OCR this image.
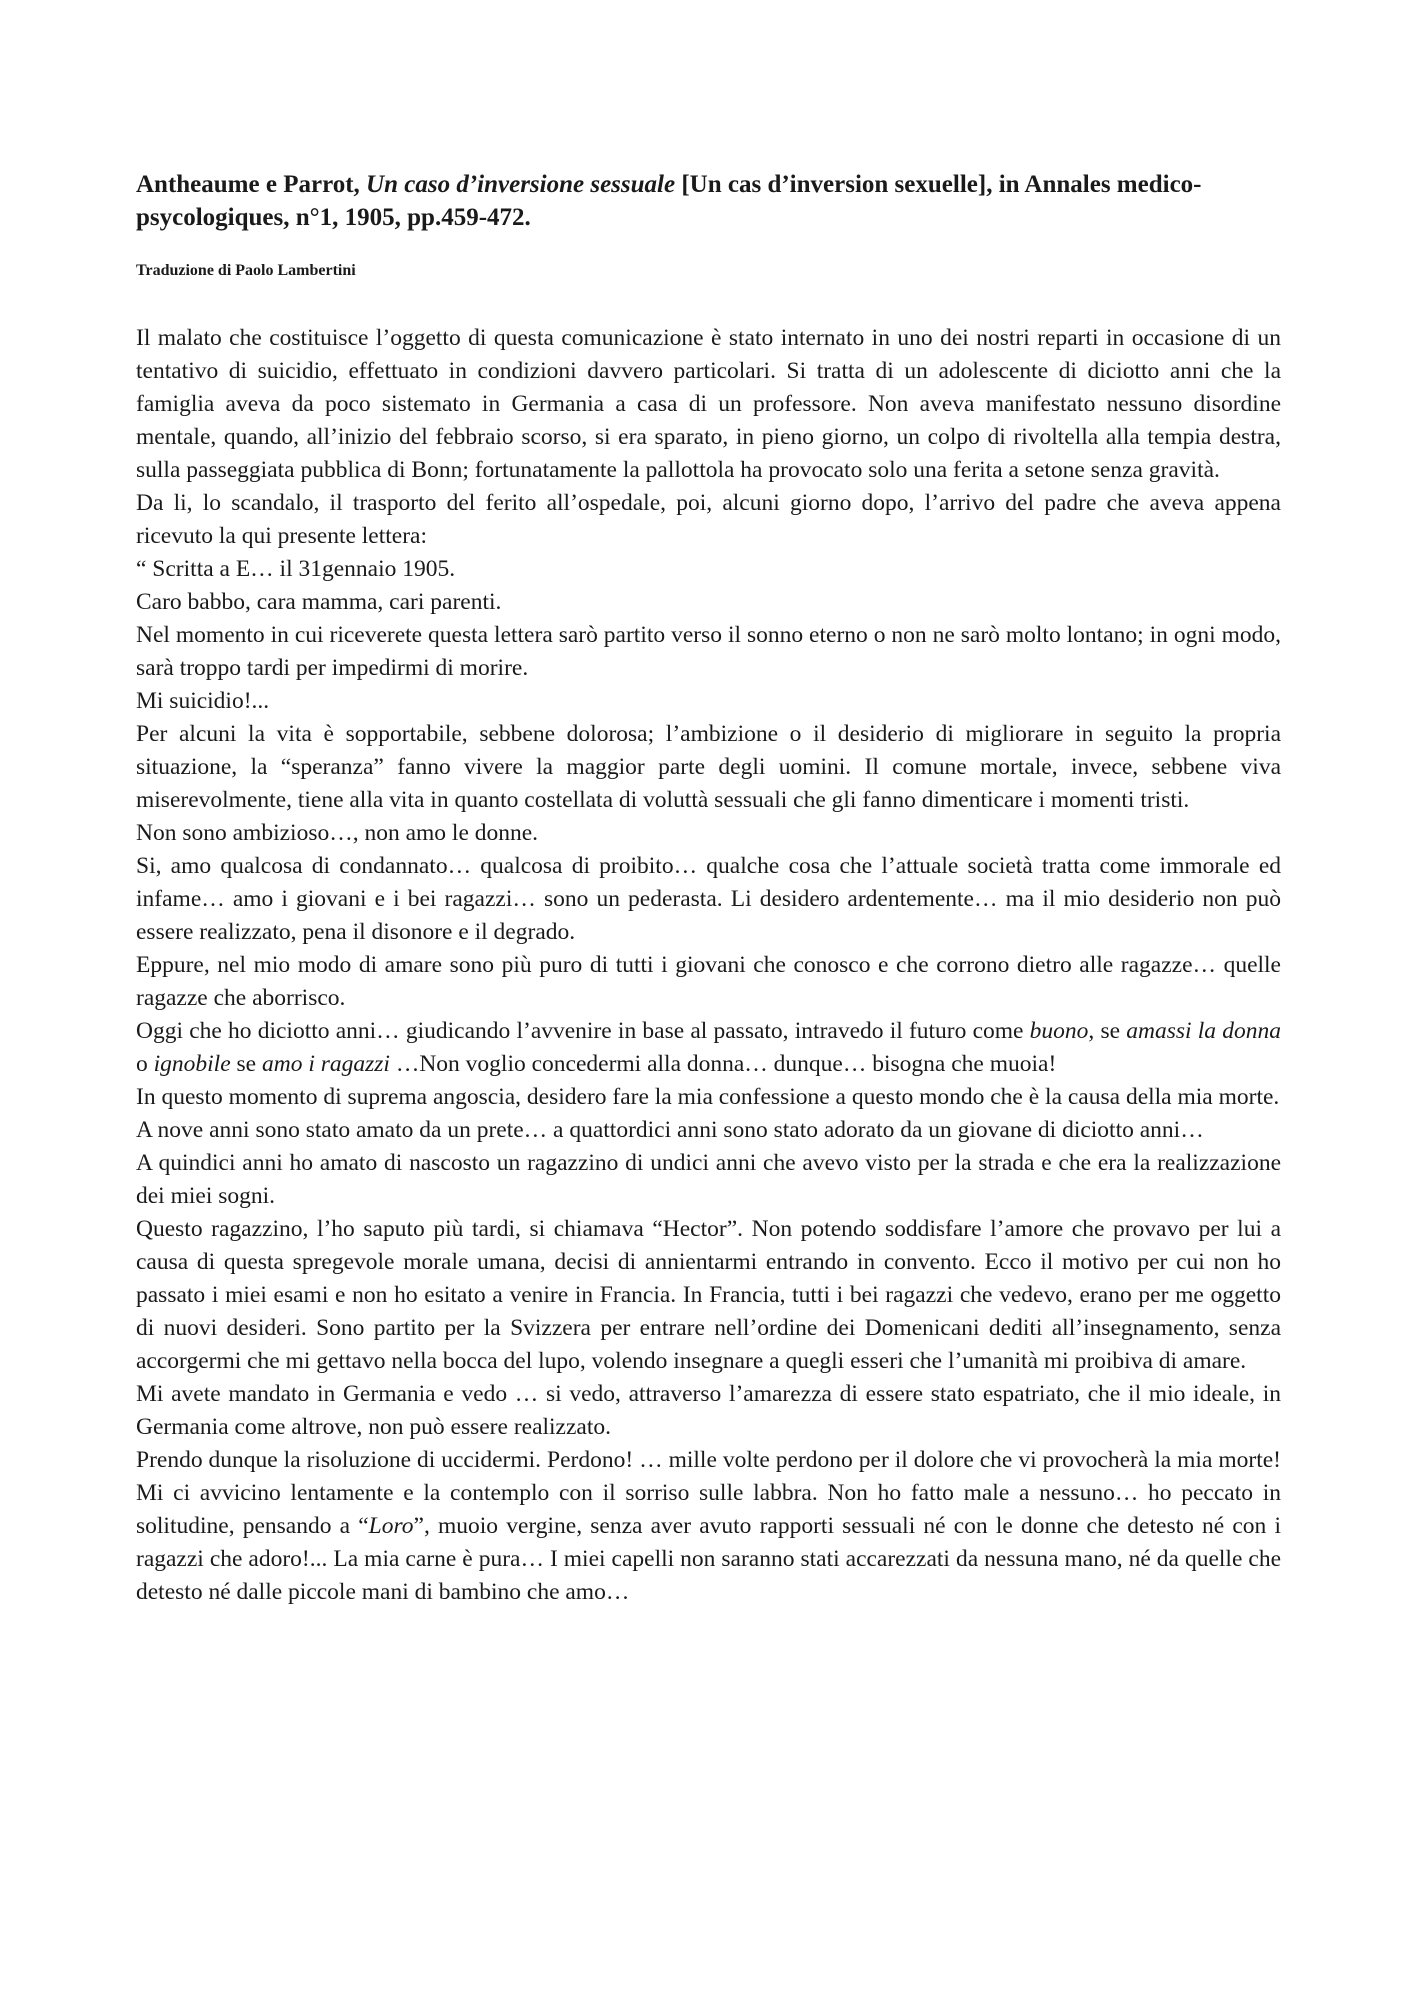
Antheaume e Parrot, Un caso d’inversione sessuale [Un cas d’inversion sexuelle], in Annales medico-psycologiques, n°1, 1905, pp.459-472.

Traduzione di Paolo Lambertini

Il malato che costituisce l’oggetto di questa comunicazione è stato internato in uno dei nostri reparti in occasione di un tentativo di suicidio, effettuato in condizioni davvero particolari. Si tratta di un adolescente di diciotto anni che la famiglia aveva da poco sistemato in Germania a casa di un professore. Non aveva manifestato nessuno disordine mentale, quando, all’inizio del febbraio scorso, si era sparato, in pieno giorno, un colpo di rivoltella alla tempia destra, sulla passeggiata pubblica di Bonn; fortunatamente la pallottola ha provocato solo una ferita a setone senza gravità.

Da li, lo scandalo, il trasporto del ferito all’ospedale, poi, alcuni giorno dopo, l’arrivo del padre che aveva appena ricevuto la qui presente lettera:

“ Scritta a E… il 31gennaio 1905.

Caro babbo, cara mamma, cari parenti.

Nel momento in cui riceverete questa lettera sarò partito verso il sonno eterno o non ne sarò molto lontano; in ogni modo, sarà troppo tardi per impedirmi di morire.

Mi suicidio!...

Per alcuni la vita è sopportabile, sebbene dolorosa; l’ambizione o il desiderio di migliorare in seguito la propria situazione, la “speranza” fanno vivere la maggior parte degli uomini. Il comune mortale, invece, sebbene viva miserevolmente, tiene alla vita in quanto costellata di voluttà sessuali che gli fanno dimenticare i momenti tristi.

Non sono ambizioso…, non amo le donne.

Si, amo qualcosa di condannato… qualcosa di proibito… qualche cosa che l’attuale società tratta come immorale ed infame… amo i giovani e i bei ragazzi… sono un pederasta. Li desidero ardentemente… ma il mio desiderio non può essere realizzato, pena il disonore e il degrado.

Eppure, nel mio modo di amare sono più puro di tutti i giovani che conosco e che corrono dietro alle ragazze… quelle ragazze che aborrisco.

Oggi che ho diciotto anni… giudicando l’avvenire in base al passato, intravedo il futuro come buono, se amassi la donna o ignobile se amo i ragazzi …Non voglio concedermi alla donna… dunque… bisogna che muoia!

In questo momento di suprema angoscia, desidero fare la mia confessione a questo mondo che è la causa della mia morte.

A nove anni sono stato amato da un prete… a quattordici anni sono stato adorato da un giovane di diciotto anni…

A quindici anni ho amato di nascosto un ragazzino di undici anni che avevo visto per la strada e che era la realizzazione dei miei sogni.

Questo ragazzino, l’ho saputo più tardi, si chiamava “Hector”. Non potendo soddisfare l’amore che provavo per lui a causa di questa spregevole morale umana, decisi di annientarmi entrando in convento. Ecco il motivo per cui non ho passato i miei esami e non ho esitato a venire in Francia. In Francia, tutti i bei ragazzi che vedevo, erano per me oggetto di nuovi desideri. Sono partito per la Svizzera per entrare nell’ordine dei Domenicani dediti all’insegnamento, senza accorgermi che mi gettavo nella bocca del lupo, volendo insegnare a quegli esseri che l’umanità mi proibiva di amare.

Mi avete mandato in Germania e vedo … si vedo, attraverso l’amarezza di essere stato espatriato, che il mio ideale, in Germania come altrove, non può essere realizzato.

Prendo dunque la risoluzione di uccidermi. Perdono! … mille volte perdono per il dolore che vi provocherà la mia morte! Mi ci avvicino lentamente e la contemplo con il sorriso sulle labbra. Non ho fatto male a nessuno… ho peccato in solitudine, pensando a “Loro”, muoio vergine, senza aver avuto rapporti sessuali né con le donne che detesto né con i ragazzi che adoro!... La mia carne è pura… I miei capelli non saranno stati accarezzati da nessuna mano, né da quelle che detesto né dalle piccole mani di bambino che amo…
